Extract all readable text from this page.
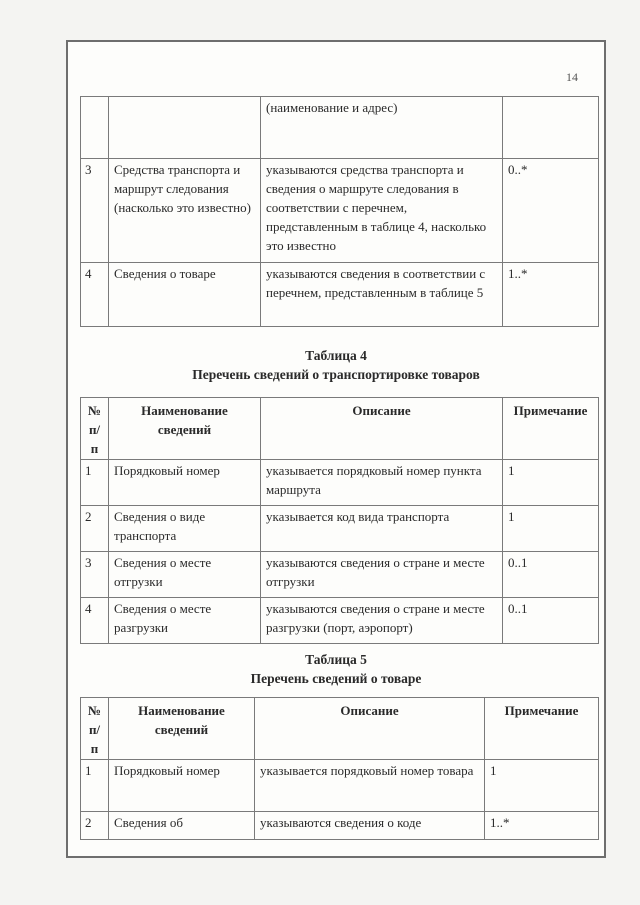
14
		(наименование и адрес)	
3	Средства транспорта и маршрут следования (насколько это известно)	указываются средства транспорта и сведения о маршруте следования в соответствии с перечнем, представленным в таблице 4, насколько это известно	0..*
4	Сведения о товаре	указываются сведения в соответствии с перечнем, представленным в таблице 5	1..*
Таблица 4
Перечень сведений о транспортировке товаров
№ п/п	Наименование сведений	Описание	Примечание
1	Порядковый номер	указывается порядковый номер пункта маршрута	1
2	Сведения о виде транспорта	указывается код вида транспорта	1
3	Сведения о месте отгрузки	указываются сведения о стране и месте отгрузки	0..1
4	Сведения о месте разгрузки	указываются сведения о стране и месте разгрузки (порт, аэропорт)	0..1
Таблица 5
Перечень сведений о товаре
№ п/п	Наименование сведений	Описание	Примечание
1	Порядковый номер	указывается порядковый номер товара	1
2	Сведения об	указываются сведения о коде	1..*
